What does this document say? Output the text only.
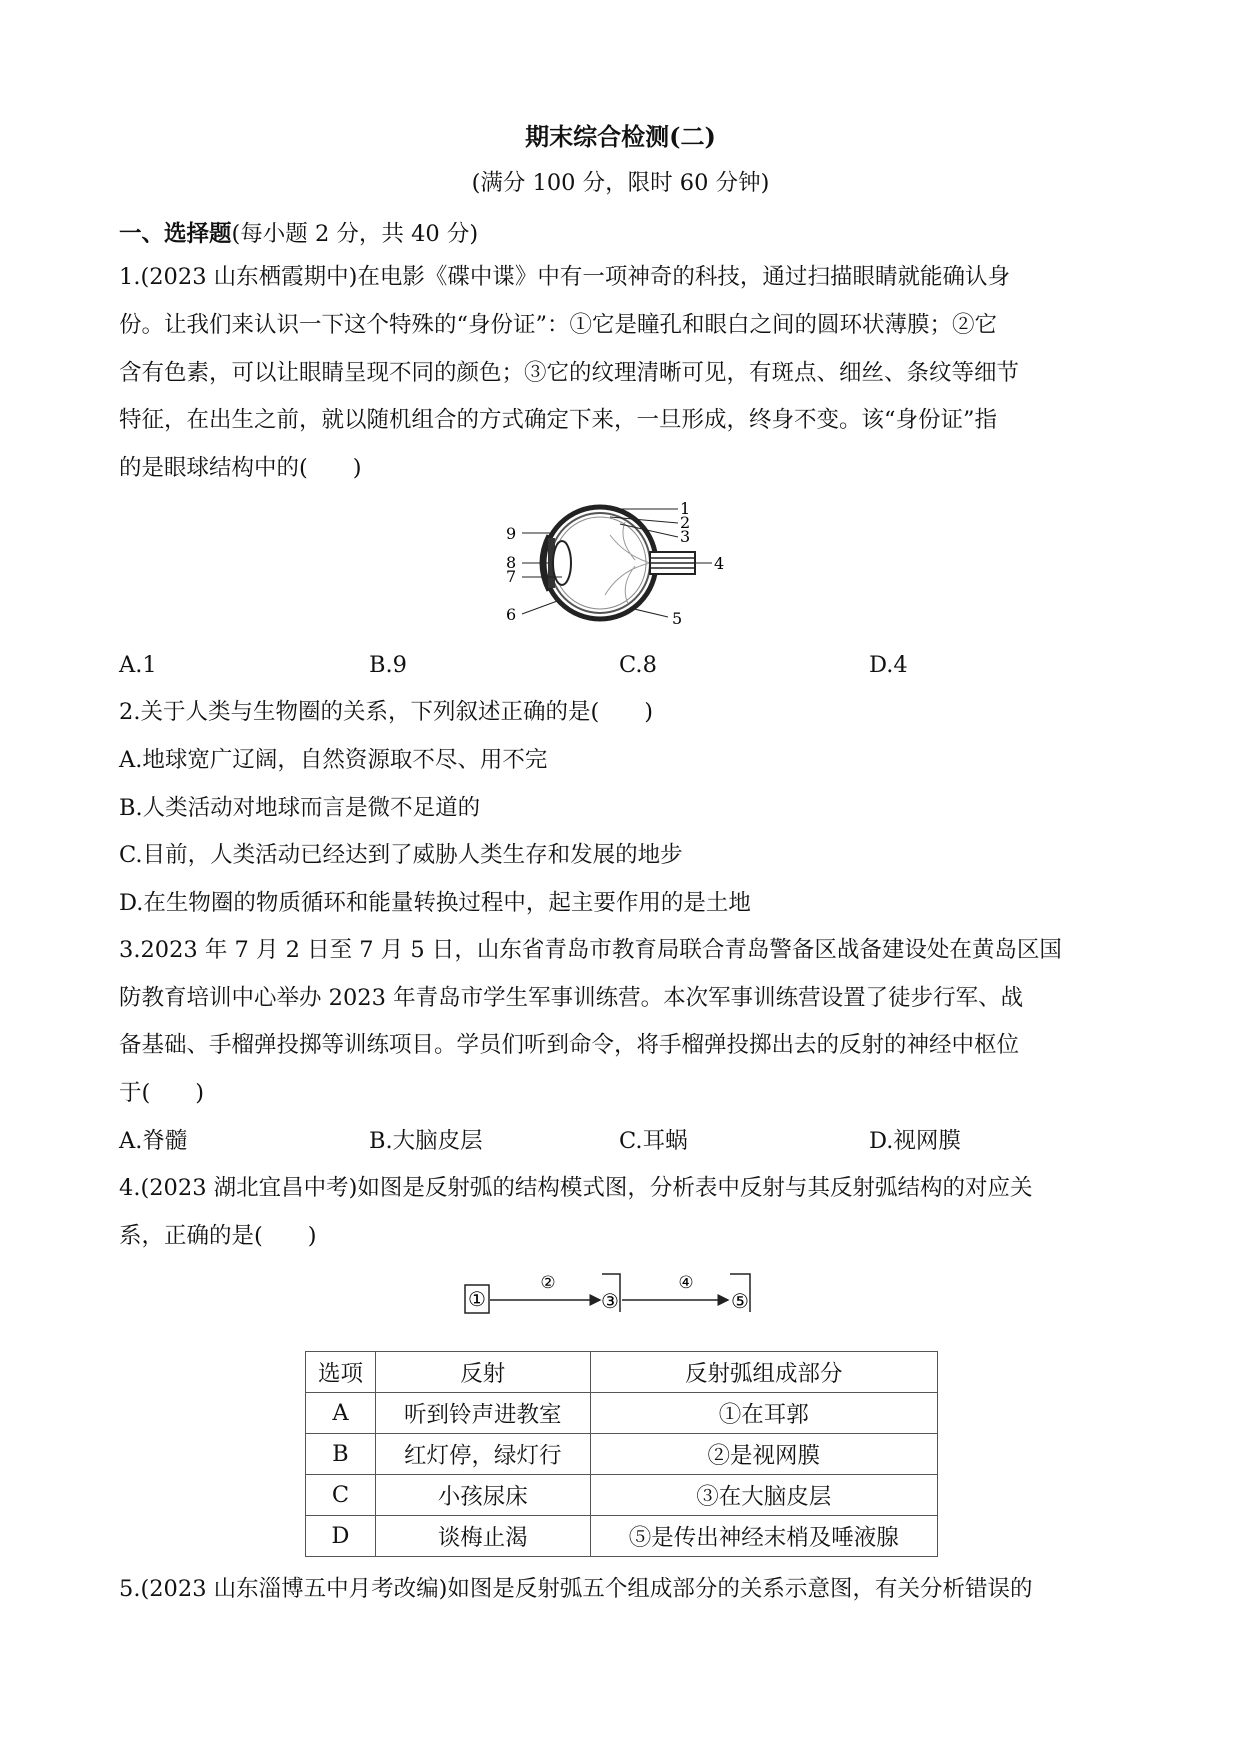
期末综合检测(二)
(满分 100 分，限时 60 分钟)
一、选择题(每小题 2 分，共 40 分)
1.(2023 山东栖霞期中)在电影《碟中谍》中有一项神奇的科技，通过扫描眼睛就能确认身
份。让我们来认识一下这个特殊的“身份证”：①它是瞳孔和眼白之间的圆环状薄膜；②它
含有色素，可以让眼睛呈现不同的颜色；③它的纹理清晰可见，有斑点、细丝、条纹等细节
特征，在出生之前，就以随机组合的方式确定下来，一旦形成，终身不变。该“身份证”指
的是眼球结构中的(　　)
1
2
3
4
5
6
7
8
9
A.1	B.9	C.8	D.4
2.关于人类与生物圈的关系，下列叙述正确的是(　　)
A.地球宽广辽阔，自然资源取不尽、用不完
B.人类活动对地球而言是微不足道的
C.目前，人类活动已经达到了威胁人类生存和发展的地步
D.在生物圈的物质循环和能量转换过程中，起主要作用的是土地
3.2023 年 7 月 2 日至 7 月 5 日，山东省青岛市教育局联合青岛警备区战备建设处在黄岛区国
防教育培训中心举办 2023 年青岛市学生军事训练营。本次军事训练营设置了徒步行军、战
备基础、手榴弹投掷等训练项目。学员们听到命令，将手榴弹投掷出去的反射的神经中枢位
于(　　)
A.脊髓	B.大脑皮层	C.耳蜗	D.视网膜
4.(2023 湖北宜昌中考)如图是反射弧的结构模式图，分析表中反射与其反射弧结构的对应关
系，正确的是(　　)
①
②
③
④
⑤
选项	反射	反射弧组成部分
A	听到铃声进教室	①在耳郭
B	红灯停，绿灯行	②是视网膜
C	小孩尿床	③在大脑皮层
D	谈梅止渴	⑤是传出神经末梢及唾液腺
5.(2023 山东淄博五中月考改编)如图是反射弧五个组成部分的关系示意图，有关分析错误的
